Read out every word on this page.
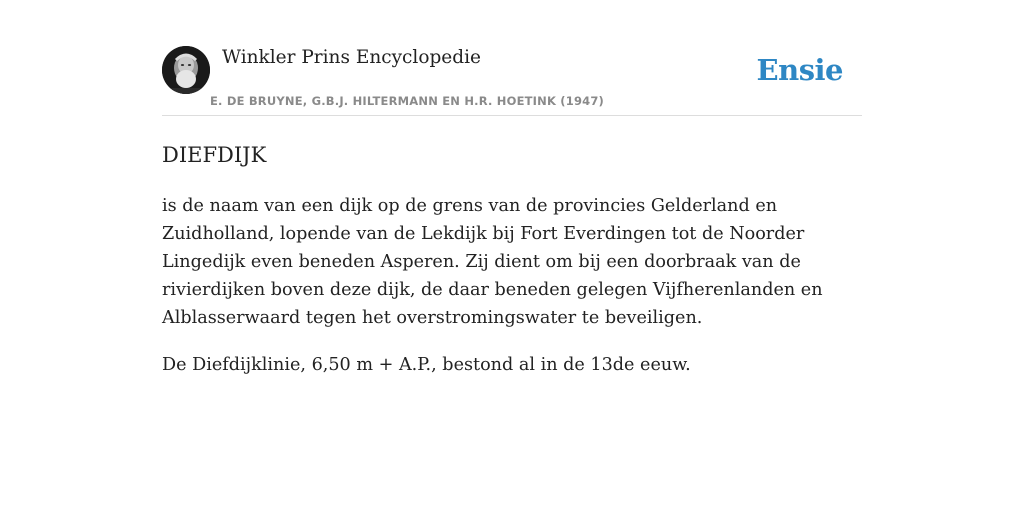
Winkler Prins Encyclopedie
E. DE BRUYNE, G.B.J. HILTERMANN EN H.R. HOETINK (1947)
Ensie
DIEFDIJK

is de naam van een dijk op de grens van de provincies Gelderland en Zuidholland, lopende van de Lekdijk bij Fort Everdingen tot de Noorder Lingedijk even beneden Asperen. Zij dient om bij een doorbraak van de rivierdijken boven deze dijk, de daar beneden gelegen Vijfherenlanden en Alblasserwaard tegen het overstromingswater te beveiligen.

De Diefdijklinie, 6,50 m + A.P., bestond al in de 13de eeuw.
